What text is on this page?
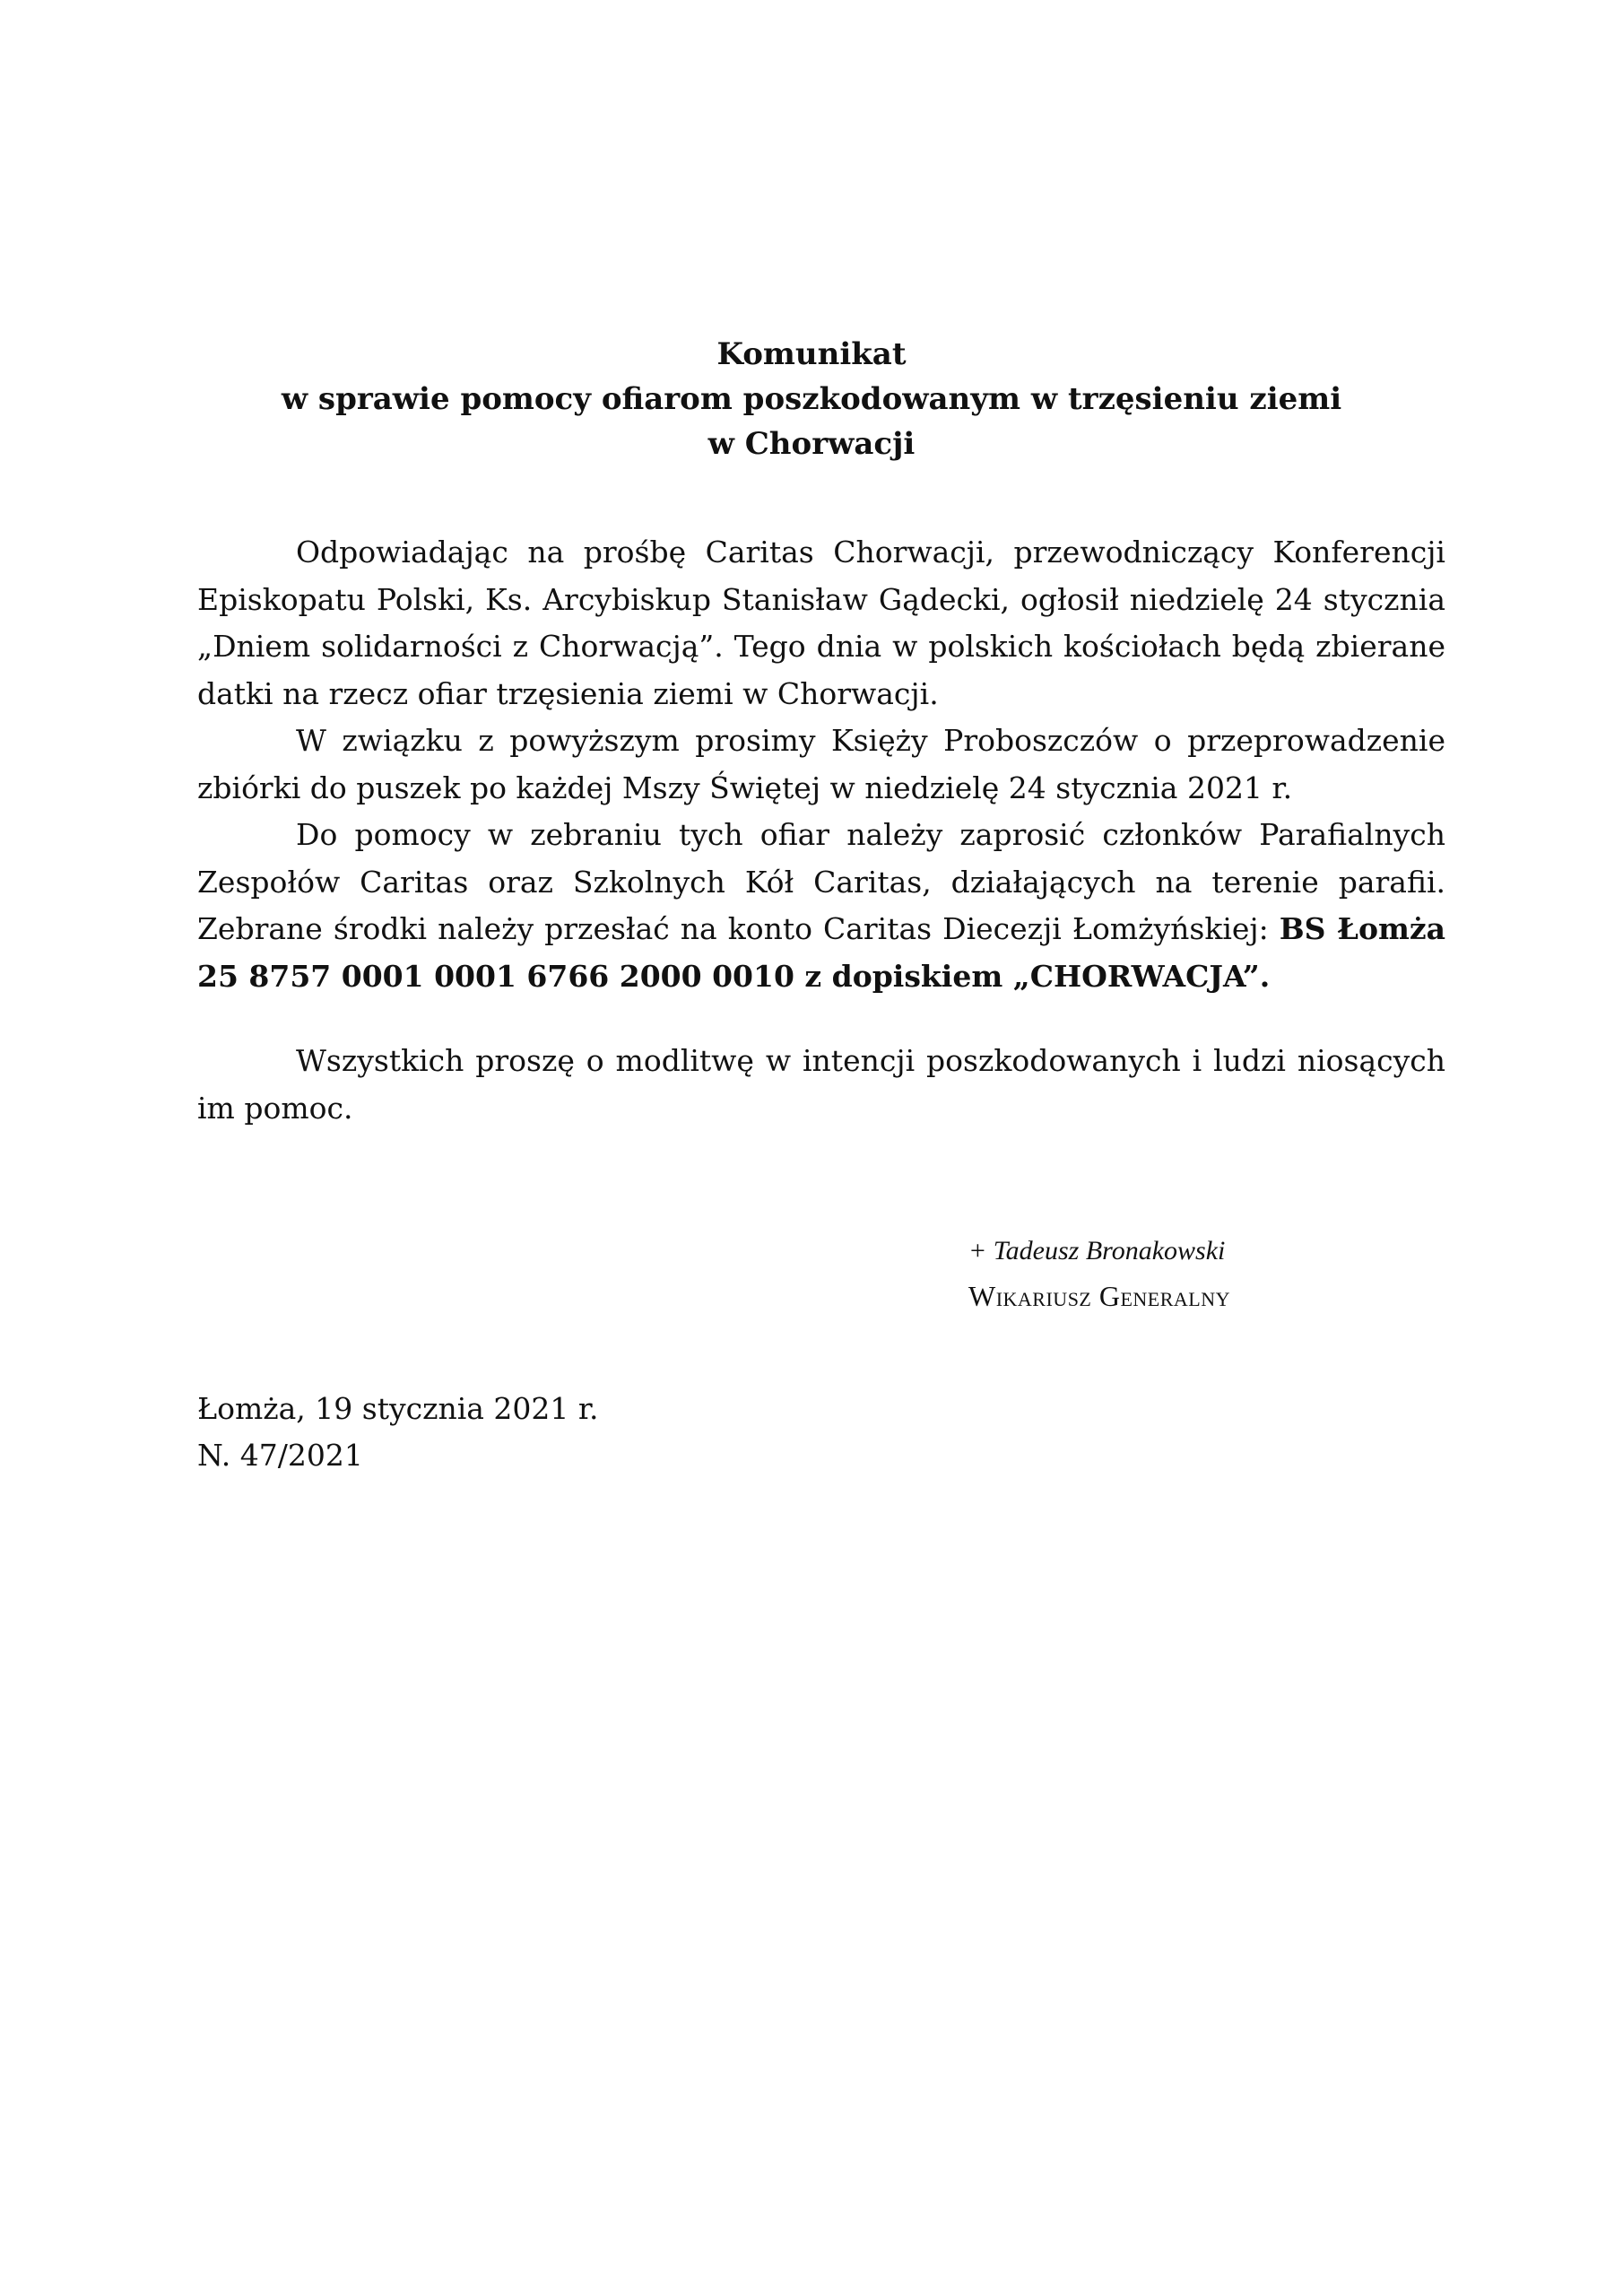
Komunikat
w sprawie pomocy ofiarom poszkodowanym w trzęsieniu ziemi
w Chorwacji

Odpowiadając na prośbę Caritas Chorwacji, przewodniczący Konferencji Episkopatu Polski, Ks. Arcybiskup Stanisław Gądecki, ogłosił niedzielę 24 stycznia „Dniem solidarności z Chorwacją”. Tego dnia w polskich kościołach będą zbierane datki na rzecz ofiar trzęsienia ziemi w Chorwacji.

W związku z powyższym prosimy Księży Proboszczów o przeprowadzenie zbiórki do puszek po każdej Mszy Świętej w niedzielę 24 stycznia 2021 r.

Do pomocy w zebraniu tych ofiar należy zaprosić członków Parafialnych Zespołów Caritas oraz Szkolnych Kół Caritas, działających na terenie parafii. Zebrane środki należy przesłać na konto Caritas Diecezji Łomżyńskiej: BS Łomża 25 8757 0001 0001 6766 2000 0010 z dopiskiem „CHORWACJA”.

Wszystkich proszę o modlitwę w intencji poszkodowanych i ludzi niosących im pomoc.

+ Tadeusz Bronakowski
Wikariusz Generalny
Łomża, 19 stycznia 2021 r.
N. 47/2021
